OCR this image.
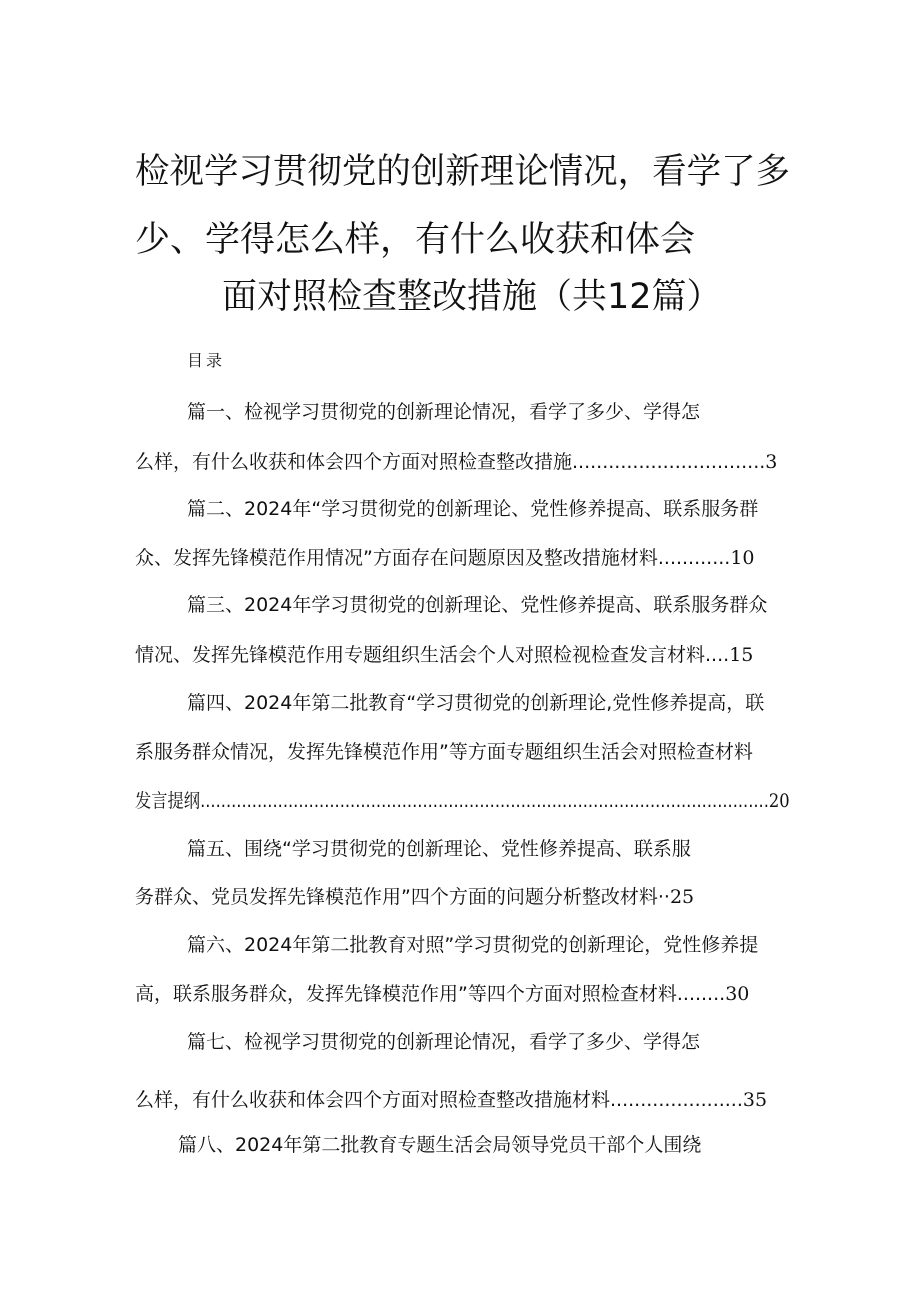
检视学习贯彻党的创新理论情况，看学了多
少、学得怎么样，有什么收获和体会
面对照检查整改措施（共12篇）
目录
篇一、检视学习贯彻党的创新理论情况，看学了多少、学得怎
么样，有什么收获和体会四个方面对照检查整改措施................................3
篇二、2024年“学习贯彻党的创新理论、党性修养提高、联系服务群
众、发挥先锋模范作用情况”方面存在问题原因及整改措施材料............10
篇三、2024年学习贯彻党的创新理论、党性修养提高、联系服务群众
情况、发挥先锋模范作用专题组织生活会个人对照检视检查发言材料....15
篇四、2024年第二批教育“学习贯彻党的创新理论,党性修养提高，联
系服务群众情况，发挥先锋模范作用”等方面专题组织生活会对照检查材料
发言提纲..............................................................................................................20
篇五、围绕“学习贯彻党的创新理论、党性修养提高、联系服
务群众、党员发挥先锋模范作用”四个方面的问题分析整改材料··25
篇六、2024年第二批教育对照”学习贯彻党的创新理论，党性修养提
高，联系服务群众，发挥先锋模范作用”等四个方面对照检查材料........30
篇七、检视学习贯彻党的创新理论情况，看学了多少、学得怎
么样，有什么收获和体会四个方面对照检查整改措施材料......................35
篇八、2024年第二批教育专题生活会局领导党员干部个人围绕
